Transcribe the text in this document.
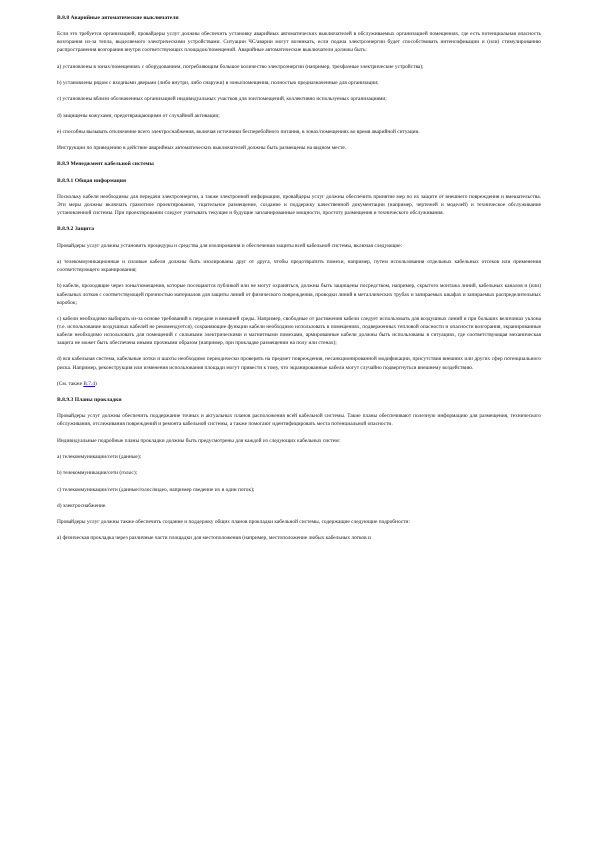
B.8.8 Аварийные автоматические выключатели

Если это требуется организацией, провайдеры услуг должны обеспечить установку аварийных автоматических выключателей в обслуживаемых организацией помещениях, где есть потенциальная опасность возгорания из-за тепла, выделяемого электрическими устройствами. Ситуации ЧС/аварии могут возникать, если подача электроэнергии будет способствовать интенсификации и (или) стимулированию распространения возгорания внутри соответствующих площадок/помещений. Аварийные автоматические выключатели должны быть:

a) установлены в зонах/помещениях с оборудованием, потребляющим большое количество электроэнергии (например, трехфазные электрические устройства);

b) установлены рядом с входными дверьми (либо внутри, либо снаружи) в зоны/помещения, полностью предназначенные для организации;

c) установлены вблизи обозначенных организацией индивидуальных участков для зон/помещений, коллективно используемых организациями;

d) защищены кожухами, предотвращающими от случайной активации;

e) способны вызывать отключение всего электроснабжения, включая источники бесперебойного питания, в зонах/помещениях во время аварийной ситуации.

Инструкции по приведению в действие аварийных автоматических выключателей должны быть размещены на видном месте.

B.8.9 Менеджмент кабельной системы
B.8.9.1 Общая информация

Поскольку кабели необходимы для передачи электроэнергии, а также электронной информации, провайдеры услуг должны обеспечить принятие мер по их защите от внешнего повреждения и вмешательства. Эти меры должны включать грамотное проектирование, тщательное размещение, создание и поддержку качественной документации (например, чертежей и моделей) и техническое обслуживание установленной системы. При проектировании следует учитывать текущие и будущие запланированные мощности, простоту размещения и технического обслуживания.

B.8.9.2 Защита

Провайдеры услуг должны установить процедуры и средства для изолирования и обеспечения защиты всей кабельной системы, включая следующие:

a) телекоммуникационные и силовые кабели должны быть изолированы друг от друга, чтобы предотвратить помехи, например, путем использования отдельных кабельных отсеков или применения соответствующего экранирования;

b) кабели, проходящие через зоны/помещения, которые посещаются публикой или не могут охраняться, должны быть защищены посредством, например, скрытого монтажа линий, кабельных каналов и (или) кабельных лотков с соответствующей прочностью материалов для защиты линий от физического повреждения, проводки линий в металлических трубах и запираемых шкафах и запираемых распределительных коробок;

c) кабели необходимо выбирать из-за основе требований к передаче и внешней среды. Например, свободные от растяжения кабели следует использовать для воздушных линий и при больших величинах уклона (т.е. использование воздушных кабелей не рекомендуется), сохраняющие функции кабели необходимо использовать в помещениях, подверженных тепловой опасности и опасности возгорания, экранированные кабели необходимо использовать для помещений с сильными электрическими и магнитными помехами, армированные кабели должны быть использованы в ситуациях, где соответствующая механическая защита не может быть обеспечена иными прочными образом (например, при прокладке размещении на полу или стенах);

d) вся кабельная система, кабельные лотки и шахты необходимо периодически проверять на предмет повреждения, несанкционированной модификации, присутствия внешних или других сфер потенциального риска. Например, реконструкция или изменения использования площади могут привести к тому, что экранированные кабели могут случайно подвергнуться внешнему воздействию.

(См. также B.7.4)

B.8.9.3 Планы прокладки

Провайдеры услуг должны обеспечить поддержание точных и актуальных планов расположения всей кабельной системы. Такие планы обеспечивают полезную информацию для размещения, технического обслуживания, отслеживания повреждений и ремонта кабельной системы, а также помогают идентифицировать места потенциальной опасности.

Индивидуальные подробные планы прокладки должны быть предусмотрены для каждой из следующих кабельных систем:

a) телекоммуникации/сети (данные);

b) телекоммуникации/сети (голос);

c) телекоммуникации/сети (данные/голос/видео, например сведение их в один поток);

d) электроснабжение.

Провайдеры услуг должны также обеспечить создание и поддержку общих планов прокладки кабельной системы, содержащие следующие подробности:

a) физическая прокладка через различные части площадки для местоположения (например, местоположение любых кабельных лотков и
